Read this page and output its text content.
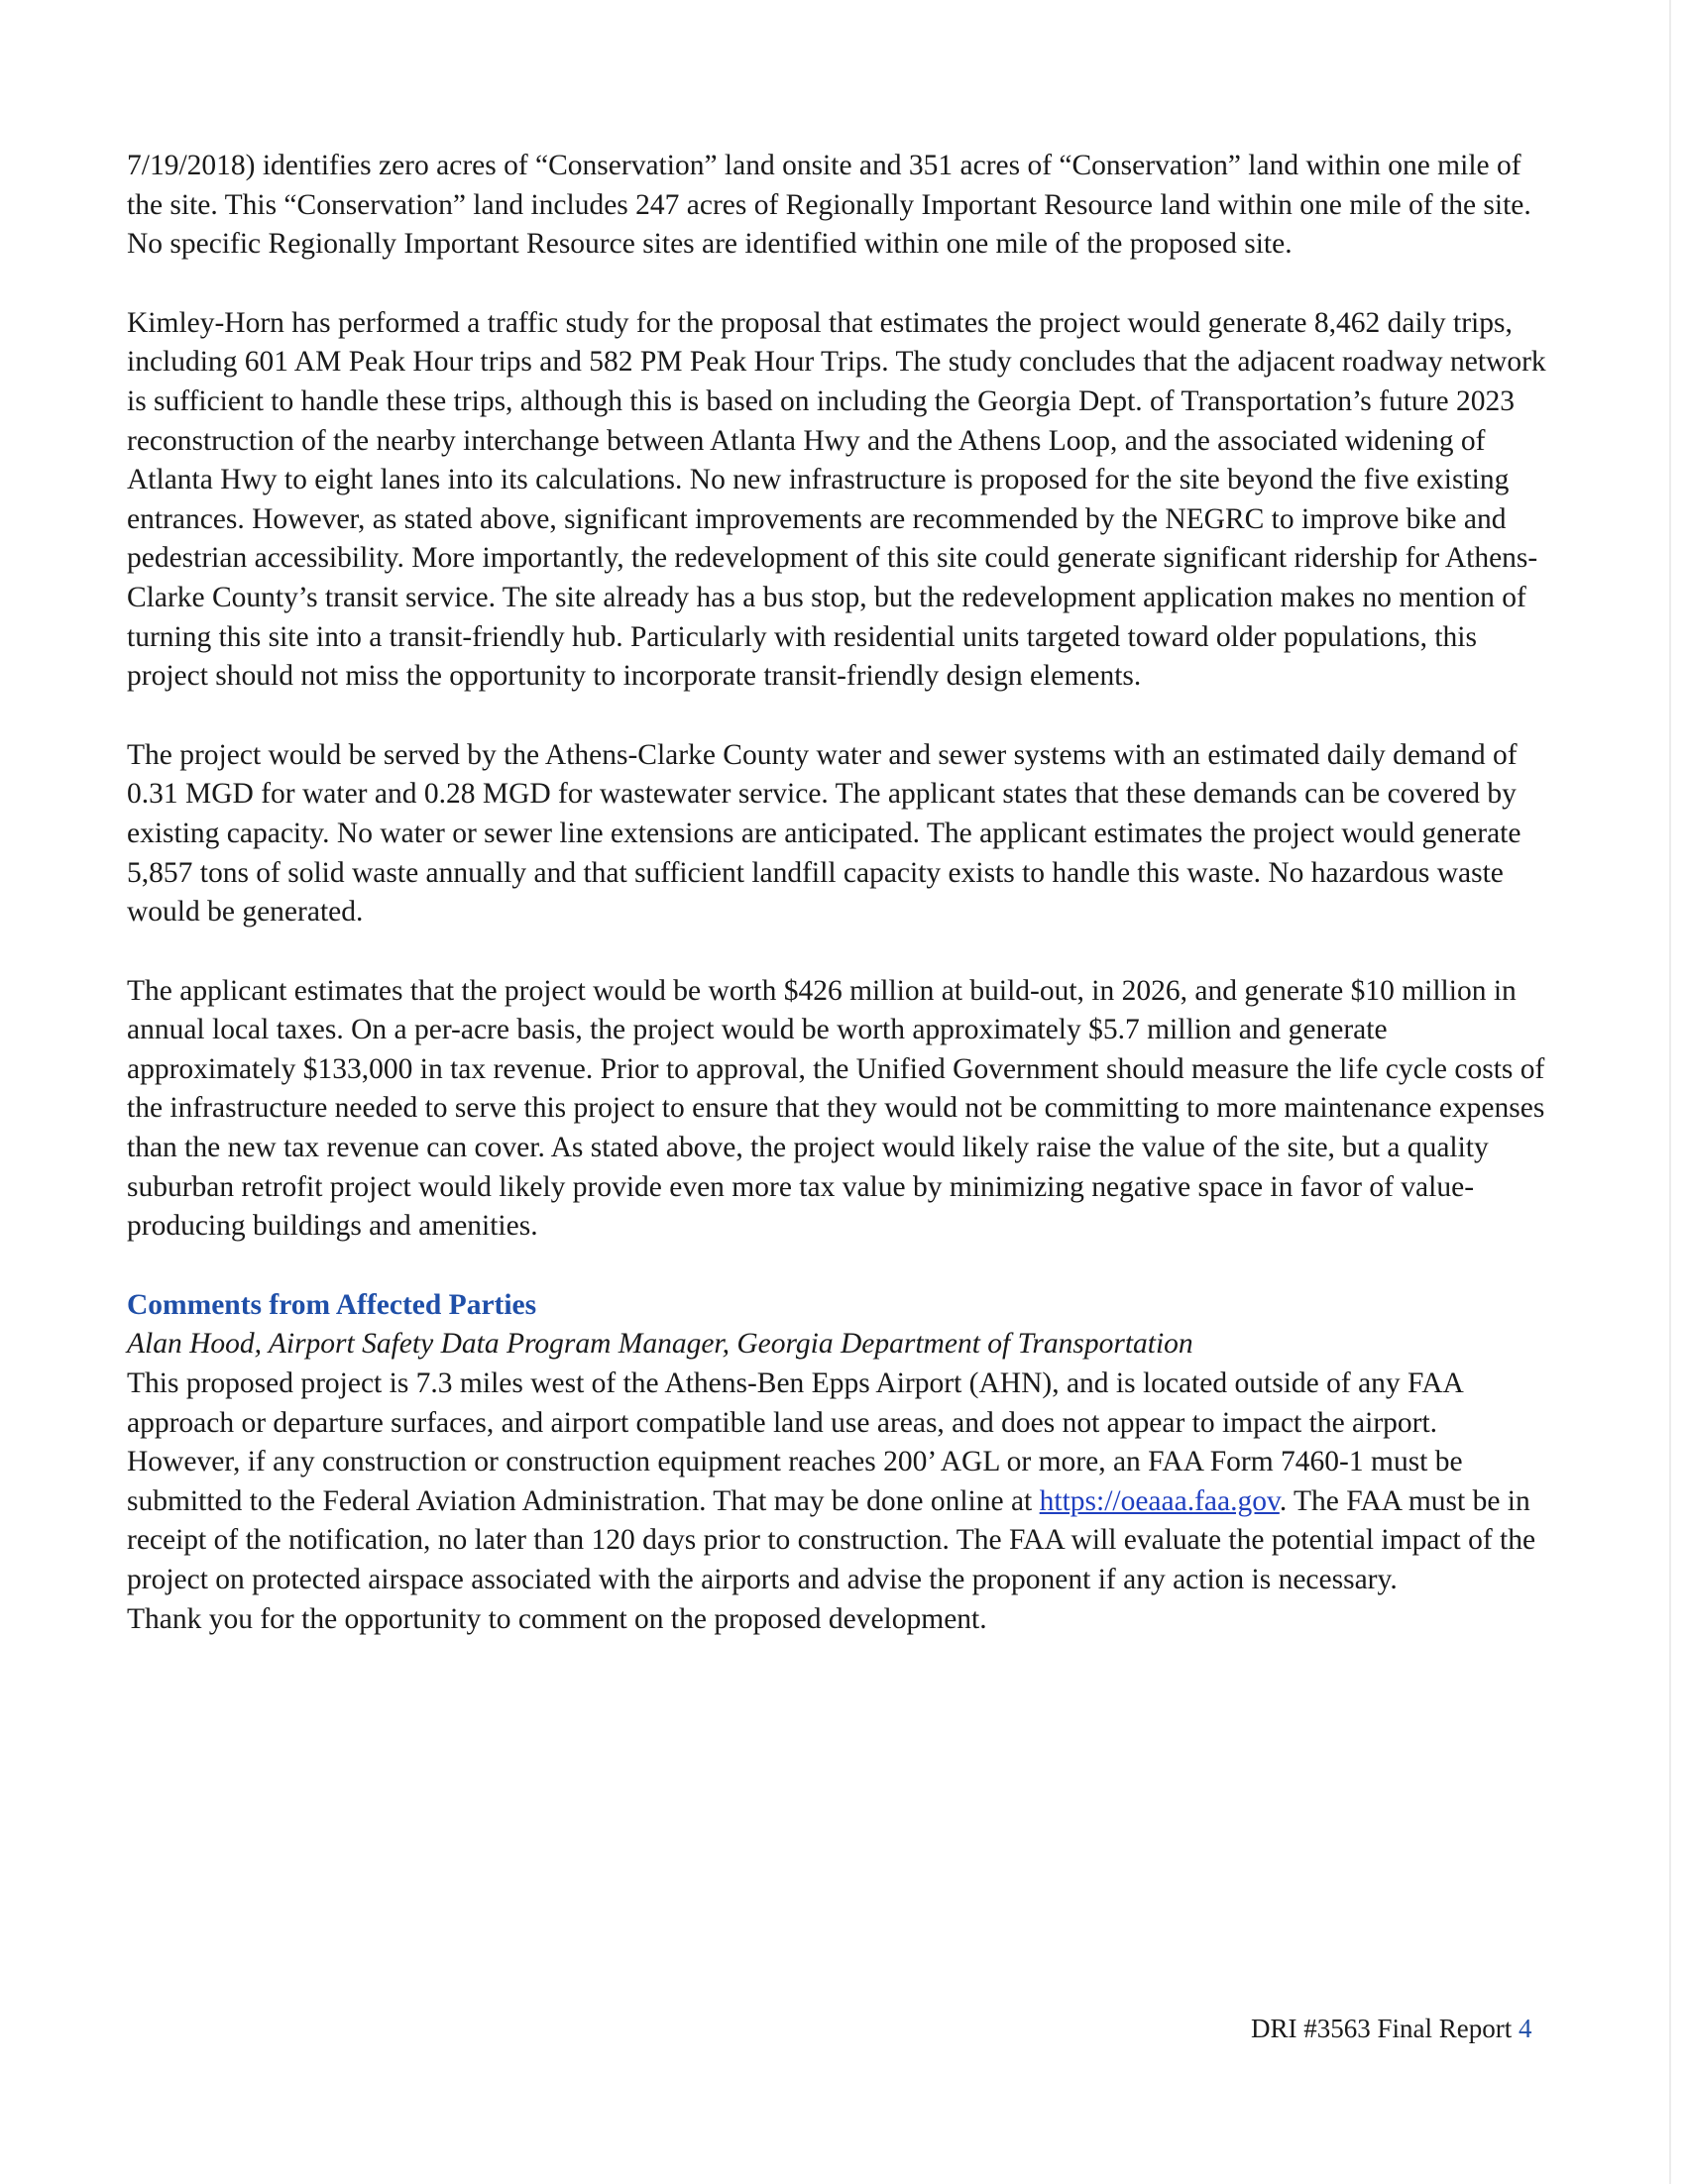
7/19/2018) identifies zero acres of “Conservation” land onsite and 351 acres of “Conservation” land within one mile of the site. This “Conservation” land includes 247 acres of Regionally Important Resource land within one mile of the site. No specific Regionally Important Resource sites are identified within one mile of the proposed site.

Kimley-Horn has performed a traffic study for the proposal that estimates the project would generate 8,462 daily trips, including 601 AM Peak Hour trips and 582 PM Peak Hour Trips. The study concludes that the adjacent roadway network is sufficient to handle these trips, although this is based on including the Georgia Dept. of Transportation’s future 2023 reconstruction of the nearby interchange between Atlanta Hwy and the Athens Loop, and the associated widening of Atlanta Hwy to eight lanes into its calculations. No new infrastructure is proposed for the site beyond the five existing entrances. However, as stated above, significant improvements are recommended by the NEGRC to improve bike and pedestrian accessibility. More importantly, the redevelopment of this site could generate significant ridership for Athens-Clarke County’s transit service. The site already has a bus stop, but the redevelopment application makes no mention of turning this site into a transit-friendly hub. Particularly with residential units targeted toward older populations, this project should not miss the opportunity to incorporate transit-friendly design elements.

The project would be served by the Athens-Clarke County water and sewer systems with an estimated daily demand of 0.31 MGD for water and 0.28 MGD for wastewater service. The applicant states that these demands can be covered by existing capacity. No water or sewer line extensions are anticipated. The applicant estimates the project would generate 5,857 tons of solid waste annually and that sufficient landfill capacity exists to handle this waste. No hazardous waste would be generated.

The applicant estimates that the project would be worth $426 million at build-out, in 2026, and generate $10 million in annual local taxes. On a per-acre basis, the project would be worth approximately $5.7 million and generate approximately $133,000 in tax revenue. Prior to approval, the Unified Government should measure the life cycle costs of the infrastructure needed to serve this project to ensure that they would not be committing to more maintenance expenses than the new tax revenue can cover. As stated above, the project would likely raise the value of the site, but a quality suburban retrofit project would likely provide even more tax value by minimizing negative space in favor of value-producing buildings and amenities.

Comments from Affected Parties

Alan Hood, Airport Safety Data Program Manager, Georgia Department of Transportation

This proposed project is 7.3 miles west of the Athens-Ben Epps Airport (AHN), and is located outside of any FAA approach or departure surfaces, and airport compatible land use areas, and does not appear to impact the airport.

However, if any construction or construction equipment reaches 200’ AGL or more, an FAA Form 7460-1 must be submitted to the Federal Aviation Administration. That may be done online at https://oeaaa.faa.gov. The FAA must be in receipt of the notification, no later than 120 days prior to construction. The FAA will evaluate the potential impact of the project on protected airspace associated with the airports and advise the proponent if any action is necessary.

Thank you for the opportunity to comment on the proposed development.

DRI #3563 Final Report 4
